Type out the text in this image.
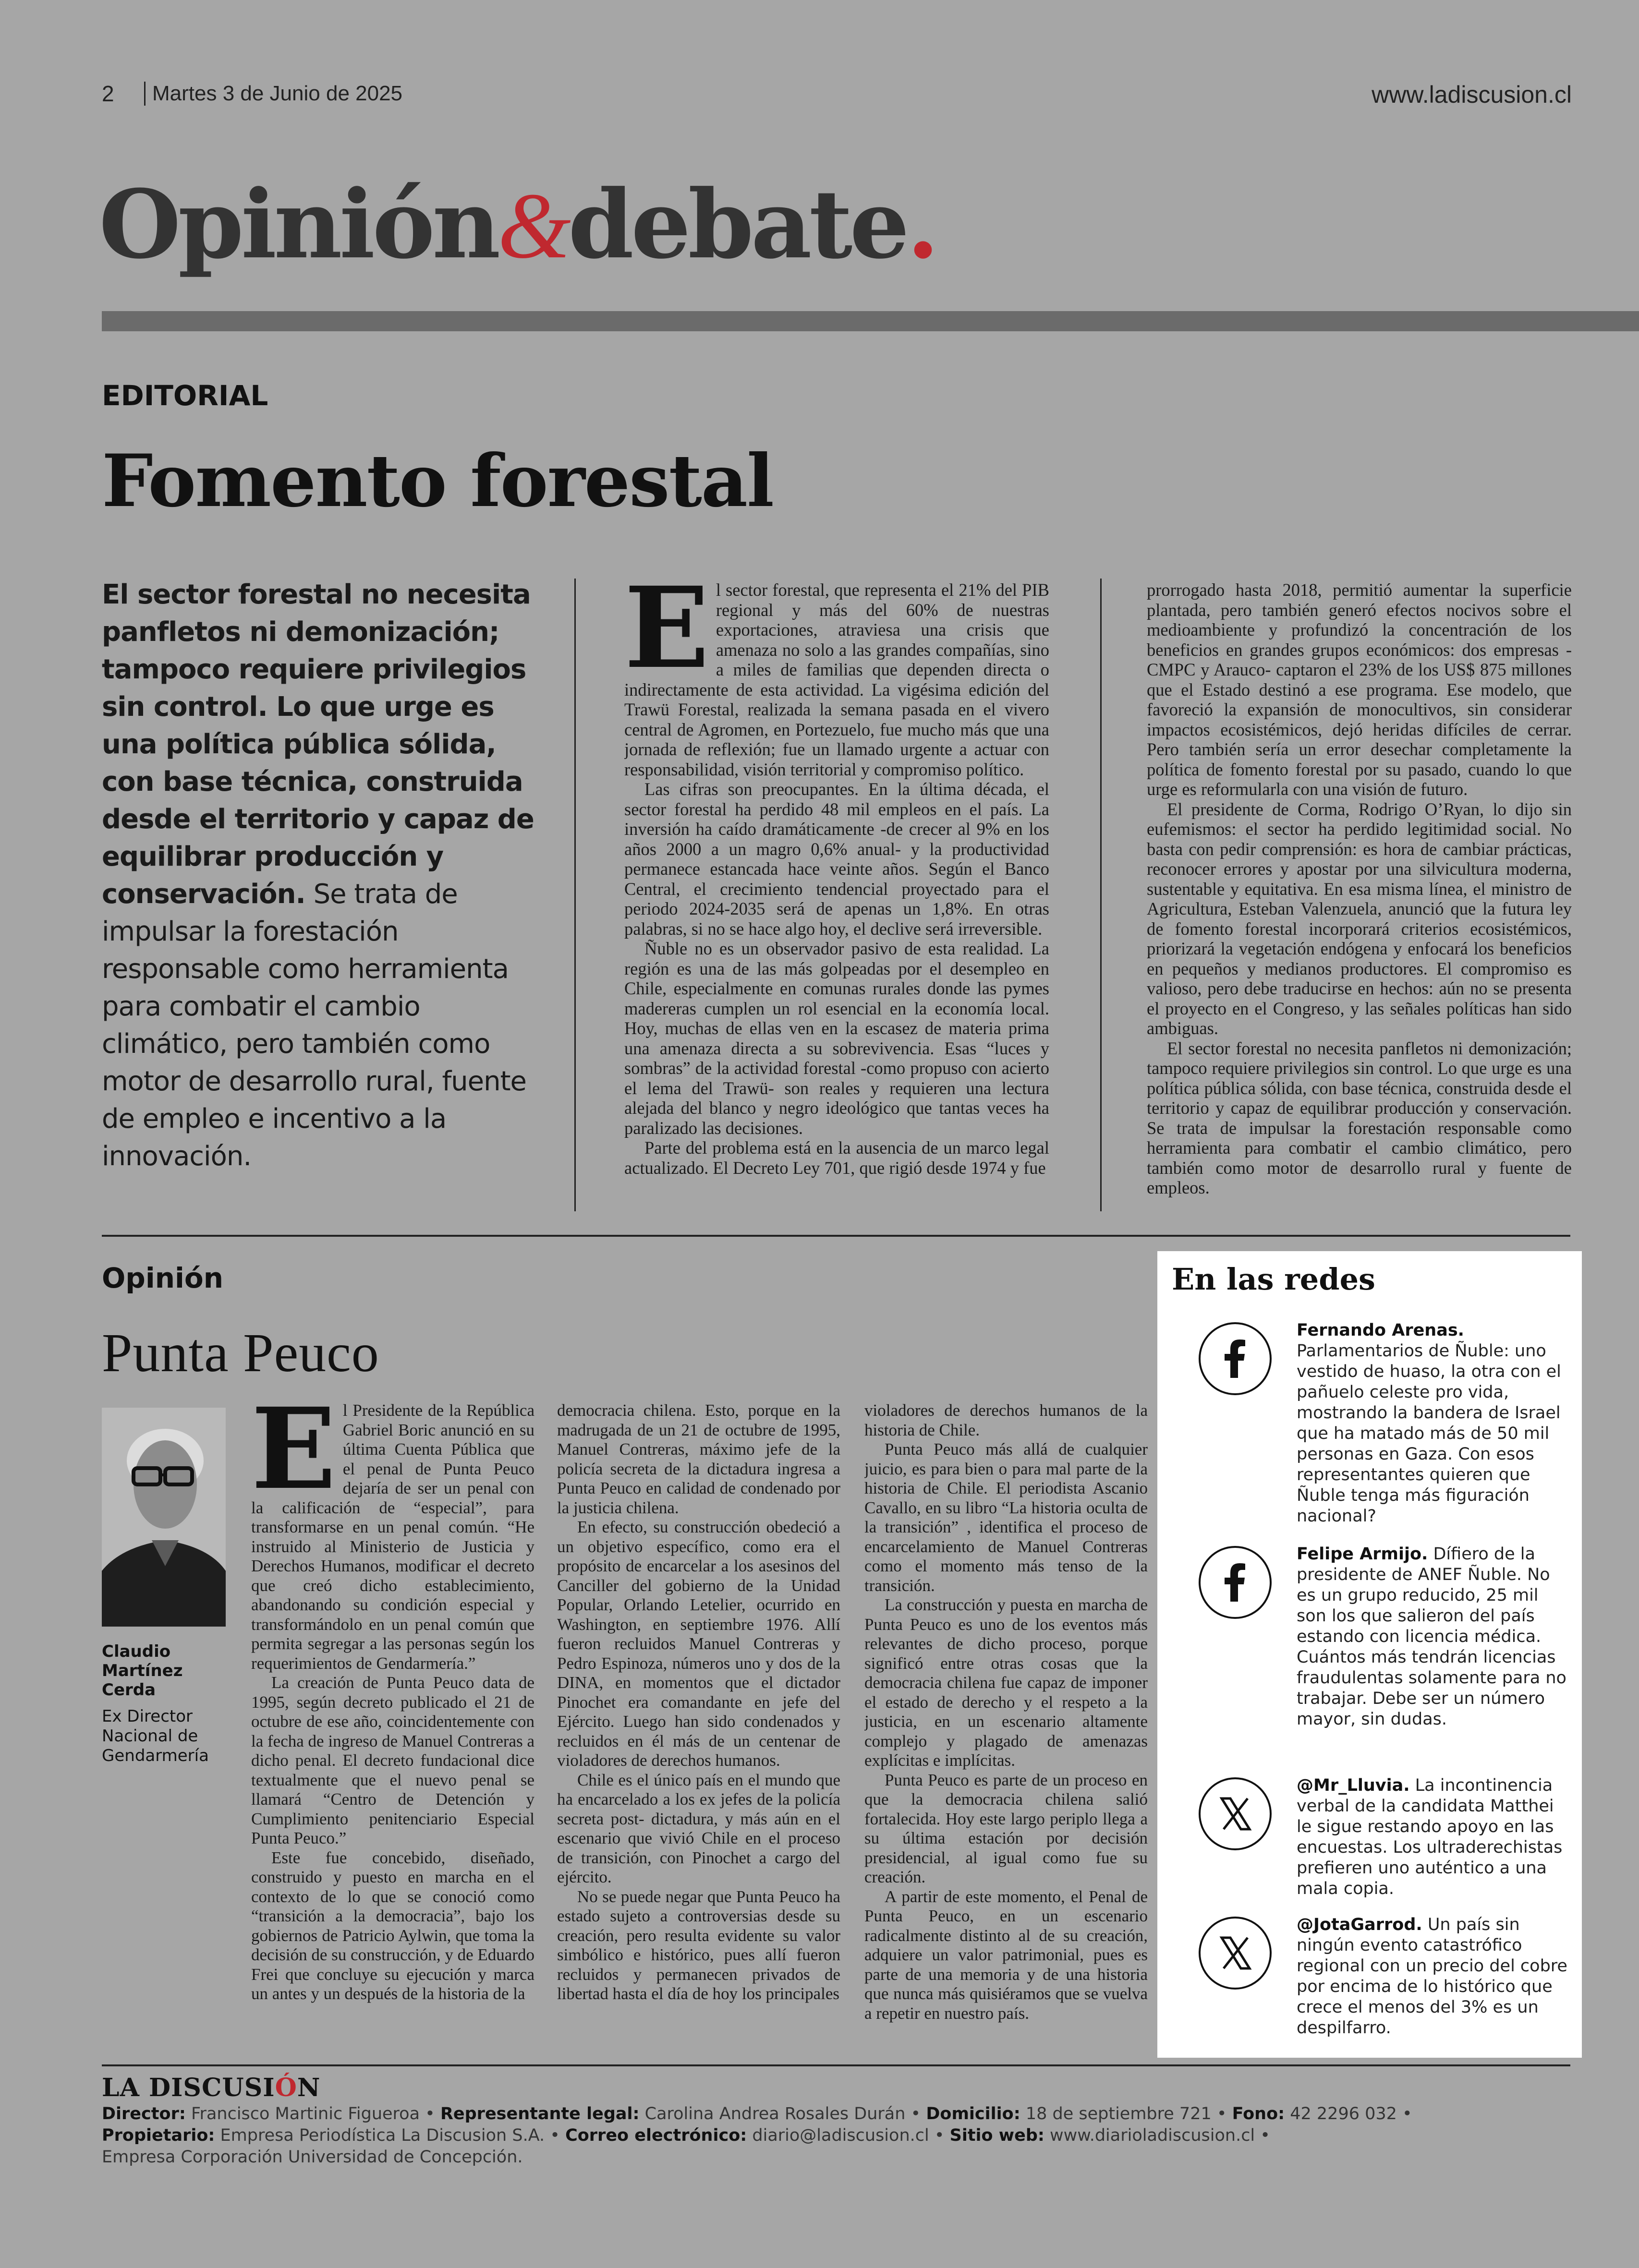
2	Martes 3 de Junio de 2025	www.ladiscusion.cl
Opinión&debate.
EDITORIAL
Fomento forestal
El sector forestal no necesita panfletos ni demonización; tampoco requiere privilegios sin control. Lo que urge es una política pública sólida, con base técnica, construida desde el territorio y capaz de equilibrar producción y conservación. Se trata de impulsar la forestación responsable como herramienta para combatir el cambio climático, pero también como motor de desarrollo rural, fuente de empleo e incentivo a la innovación.
E l sector forestal, que representa el 21% del PIB regional y más del 60% de nuestras exportaciones, atraviesa una crisis que amenaza no solo a las grandes compañías, sino a miles de familias que dependen directa o indirectamente de esta actividad. La vigésima edición del Trawü Forestal, realizada la semana pasada en el vivero central de Agromen, en Portezuelo, fue mucho más que una jornada de reflexión; fue un llamado urgente a actuar con responsabilidad, visión territorial y compromiso político.

Las cifras son preocupantes. En la última década, el sector forestal ha perdido 48 mil empleos en el país. La inversión ha caído dramáticamente -de crecer al 9% en los años 2000 a un magro 0,6% anual- y la productividad permanece estancada hace veinte años. Según el Banco Central, el crecimiento tendencial proyectado para el periodo 2024-2035 será de apenas un 1,8%. En otras palabras, si no se hace algo hoy, el declive será irreversible.

Ñuble no es un observador pasivo de esta realidad. La región es una de las más golpeadas por el desempleo en Chile, especialmente en comunas rurales donde las pymes madereras cumplen un rol esencial en la economía local. Hoy, muchas de ellas ven en la escasez de materia prima una amenaza directa a su sobrevivencia. Esas “luces y sombras” de la actividad forestal -como propuso con acierto el lema del Trawü- son reales y requieren una lectura alejada del blanco y negro ideológico que tantas veces ha paralizado las decisiones.

Parte del problema está en la ausencia de un marco legal actualizado. El Decreto Ley 701, que rigió desde 1974 y fue

prorrogado hasta 2018, permitió aumentar la superficie plantada, pero también generó efectos nocivos sobre el medioambiente y profundizó la concentración de los beneficios en grandes grupos económicos: dos empresas -CMPC y Arauco- captaron el 23% de los US$ 875 millones que el Estado destinó a ese programa. Ese modelo, que favoreció la expansión de monocultivos, sin considerar impactos ecosistémicos, dejó heridas difíciles de cerrar. Pero también sería un error desechar completamente la política de fomento forestal por su pasado, cuando lo que urge es reformularla con una visión de futuro.

El presidente de Corma, Rodrigo O’Ryan, lo dijo sin eufemismos: el sector ha perdido legitimidad social. No basta con pedir comprensión: es hora de cambiar prácticas, reconocer errores y apostar por una silvicultura moderna, sustentable y equitativa. En esa misma línea, el ministro de Agricultura, Esteban Valenzuela, anunció que la futura ley de fomento forestal incorporará criterios ecosistémicos, priorizará la vegetación endógena y enfocará los beneficios en pequeños y medianos productores. El compromiso es valioso, pero debe traducirse en hechos: aún no se presenta el proyecto en el Congreso, y las señales políticas han sido ambiguas.

El sector forestal no necesita panfletos ni demonización; tampoco requiere privilegios sin control. Lo que urge es una política pública sólida, con base técnica, construida desde el territorio y capaz de equilibrar producción y conservación. Se trata de impulsar la forestación responsable como herramienta para combatir el cambio climático, pero también como motor de desarrollo rural y fuente de empleos.

Opinión
Punta Peuco
Claudio Martínez Cerda
Ex Director Nacional de Gendarmería
E l Presidente de la República Gabriel Boric anunció en su última Cuenta Pública que el penal de Punta Peuco dejaría de ser un penal con la calificación de “especial”, para transformarse en un penal común. “He instruido al Ministerio de Justicia y Derechos Humanos, modificar el decreto que creó dicho establecimiento, abandonando su condición especial y transformándolo en un penal común que permita segregar a las personas según los requerimientos de Gendarmería.”

La creación de Punta Peuco data de 1995, según decreto publicado el 21 de octubre de ese año, coincidentemente con la fecha de ingreso de Manuel Contreras a dicho penal. El decreto fundacional dice textualmente que el nuevo penal se llamará “Centro de Detención y Cumplimiento penitenciario Especial Punta Peuco.”

Este fue concebido, diseñado, construido y puesto en marcha en el contexto de lo que se conoció como “transición a la democracia”, bajo los gobiernos de Patricio Aylwin, que toma la decisión de su construcción, y de Eduardo Frei que concluye su ejecución y marca un antes y un después de la historia de la

democracia chilena. Esto, porque en la madrugada de un 21 de octubre de 1995, Manuel Contreras, máximo jefe de la policía secreta de la dictadura ingresa a Punta Peuco en calidad de condenado por la justicia chilena.

En efecto, su construcción obedeció a un objetivo específico, como era el propósito de encarcelar a los asesinos del Canciller del gobierno de la Unidad Popular, Orlando Letelier, ocurrido en Washington, en septiembre 1976. Allí fueron recluidos Manuel Contreras y Pedro Espinoza, números uno y dos de la DINA, en momentos que el dictador Pinochet era comandante en jefe del Ejército. Luego han sido condenados y recluidos en él más de un centenar de violadores de derechos humanos.

Chile es el único país en el mundo que ha encarcelado a los ex jefes de la policía secreta post- dictadura, y más aún en el escenario que vivió Chile en el proceso de transición, con Pinochet a cargo del ejército.

No se puede negar que Punta Peuco ha estado sujeto a controversias desde su creación, pero resulta evidente su valor simbólico e histórico, pues allí fueron recluidos y permanecen privados de libertad hasta el día de hoy los principales

violadores de derechos humanos de la historia de Chile.

Punta Peuco más allá de cualquier juicio, es para bien o para mal parte de la historia de Chile. El periodista Ascanio Cavallo, en su libro “La historia oculta de la transición” , identifica el proceso de encarcelamiento de Manuel Contreras como el momento más tenso de la transición.

La construcción y puesta en marcha de Punta Peuco es uno de los eventos más relevantes de dicho proceso, porque significó entre otras cosas que la democracia chilena fue capaz de imponer el estado de derecho y el respeto a la justicia, en un escenario altamente complejo y plagado de amenazas explícitas e implícitas.

Punta Peuco es parte de un proceso en que la democracia chilena salió fortalecida. Hoy este largo periplo llega a su última estación por decisión presidencial, al igual como fue su creación.

A partir de este momento, el Penal de Punta Peuco, en un escenario radicalmente distinto al de su creación, adquiere un valor patrimonial, pues es parte de una memoria y de una historia que nunca más quisiéramos que se vuelva a repetir en nuestro país.

En las redes
Fernando Arenas. Parlamentarios de Ñuble: uno vestido de huaso, la otra con el pañuelo celeste pro vida, mostrando la bandera de Israel que ha matado más de 50 mil personas en Gaza. Con esos representantes quieren que Ñuble tenga más figuración nacional?
Felipe Armijo. Dífiero de la presidente de ANEF Ñuble. No es un grupo reducido, 25 mil son los que salieron del país estando con licencia médica. Cuántos más tendrán licencias fraudulentas solamente para no trabajar. Debe ser un número mayor, sin dudas.
@Mr_Lluvia. La incontinencia verbal de la candidata Matthei le sigue restando apoyo en las encuestas. Los ultraderechistas prefieren uno auténtico a una mala copia.
@JotaGarrod. Un país sin ningún evento catastrófico regional con un precio del cobre por encima de lo histórico que crece el menos del 3% es un despilfarro.
LA DISCUSIÓN
Director: Francisco Martinic Figueroa • Representante legal: Carolina Andrea Rosales Durán • Domicilio: 18 de septiembre 721 • Fono: 42 2296 032 •
Propietario: Empresa Periodística La Discusion S.A. • Correo electrónico: diario@ladiscusion.cl • Sitio web: www.diarioladiscusion.cl •
Empresa Corporación Universidad de Concepción.
